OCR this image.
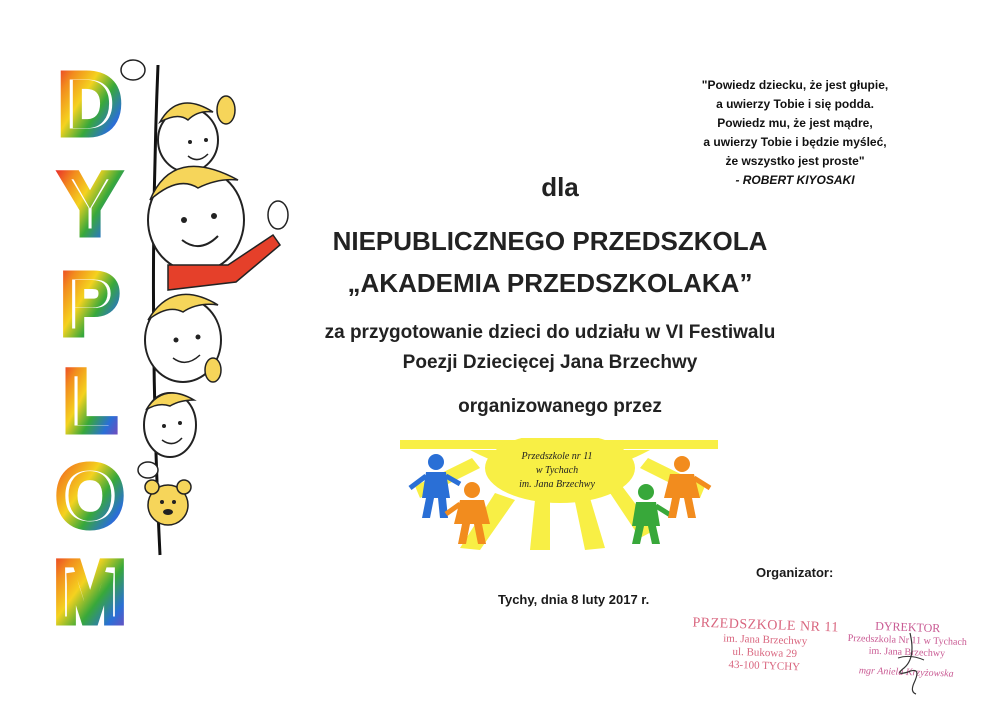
D
Y
P
L
O
M
"Powiedz dziecku, że jest głupie,
a uwierzy Tobie i się podda.
Powiedz mu, że jest mądre,
a uwierzy Tobie i będzie myśleć,
że wszystko jest proste"
- ROBERT KIYOSAKI
dla
NIEPUBLICZNEGO PRZEDSZKOLA
„AKADEMIA PRZEDSZKOLAKA”
za przygotowanie dzieci do udziału w VI Festiwalu
Poezji Dziecięcej Jana Brzechwy
organizowanego przez
Przedszkole nr 11
w Tychach
im. Jana Brzechwy
Organizator:
Tychy, dnia 8 luty 2017 r.
PRZEDSZKOLE NR 11
im. Jana Brzechwy
ul. Bukowa 29
43-100 TYCHY
DYREKTOR
Przedszkola Nr 11 w Tychach
im. Jana Brzechwy
mgr Aniela Krzyżowska
